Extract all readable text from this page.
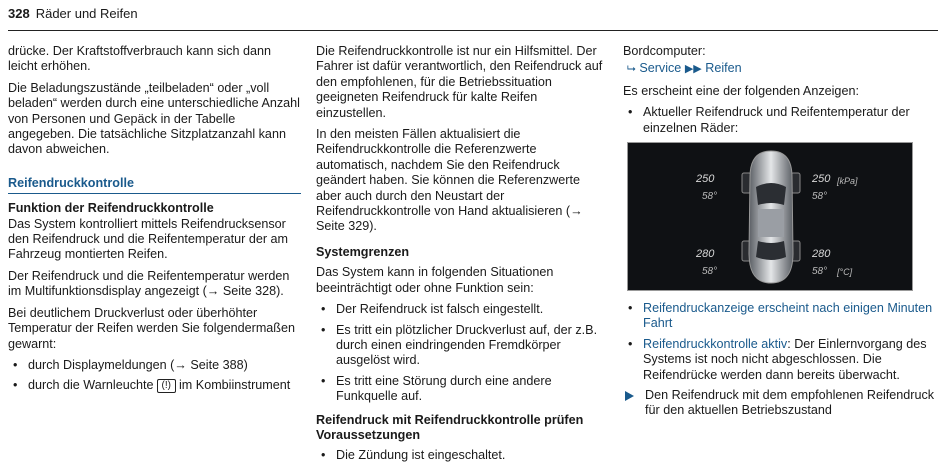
328 Räder und Reifen

drücke. Der Kraftstoffverbrauch kann sich dann leicht erhöhen.

Die Beladungszustände „teilbeladen“ oder „voll beladen“ werden durch eine unterschiedliche Anzahl von Personen und Gepäck in der Tabelle angegeben. Die tatsächliche Sitzplatzanzahl kann davon abweichen.

Reifendruckkontrolle
Funktion der Reifendruckkontrolle

Das System kontrolliert mittels Reifendrucksensor den Reifendruck und die Reifentemperatur der am Fahrzeug montierten Reifen.

Der Reifendruck und die Reifentemperatur werden im Multifunktionsdisplay angezeigt (→ Seite 328).

Bei deutlichem Druckverlust oder überhöhter Temperatur der Reifen werden Sie folgendermaßen gewarnt:

• durch Displaymeldungen (→ Seite 388)
• durch die Warnleuchte (!) im Kombiinstrument

Die Reifendruckkontrolle ist nur ein Hilfsmittel. Der Fahrer ist dafür verantwortlich, den Reifendruck auf den empfohlenen, für die Betriebssituation geeigneten Reifendruck für kalte Reifen einzustellen.

In den meisten Fällen aktualisiert die Reifendruckkontrolle die Referenzwerte automatisch, nachdem Sie den Reifendruck geändert haben. Sie können die Referenzwerte aber auch durch den Neustart der Reifendruckkontrolle von Hand aktualisieren (→ Seite 329).

Systemgrenzen

Das System kann in folgenden Situationen beeinträchtigt oder ohne Funktion sein:

• Der Reifendruck ist falsch eingestellt.
• Es tritt ein plötzlicher Druckverlust auf, der z.B. durch einen eindringenden Fremdkörper ausgelöst wird.
• Es tritt eine Störung durch eine andere Funkquelle auf.
Reifendruck mit Reifendruckkontrolle prüfen Voraussetzungen
• Die Zündung ist eingeschaltet.

Bordcomputer:

⮡ Service ▶▶ Reifen

Es erscheint eine der folgenden Anzeigen:

• Aktueller Reifendruck und Reifentemperatur der einzelnen Räder:
250
58°
250 [kPa]
58°
280
58°
280
58° [°C]
• Reifendruckanzeige erscheint nach einigen Minuten Fahrt
• Reifendruckkontrolle aktiv: Der Einlernvorgang des Systems ist noch nicht abgeschlossen. Die Reifendrücke werden dann bereits überwacht.
Den Reifendruck mit dem empfohlenen Reifendruck für den aktuellen Betriebszustand
